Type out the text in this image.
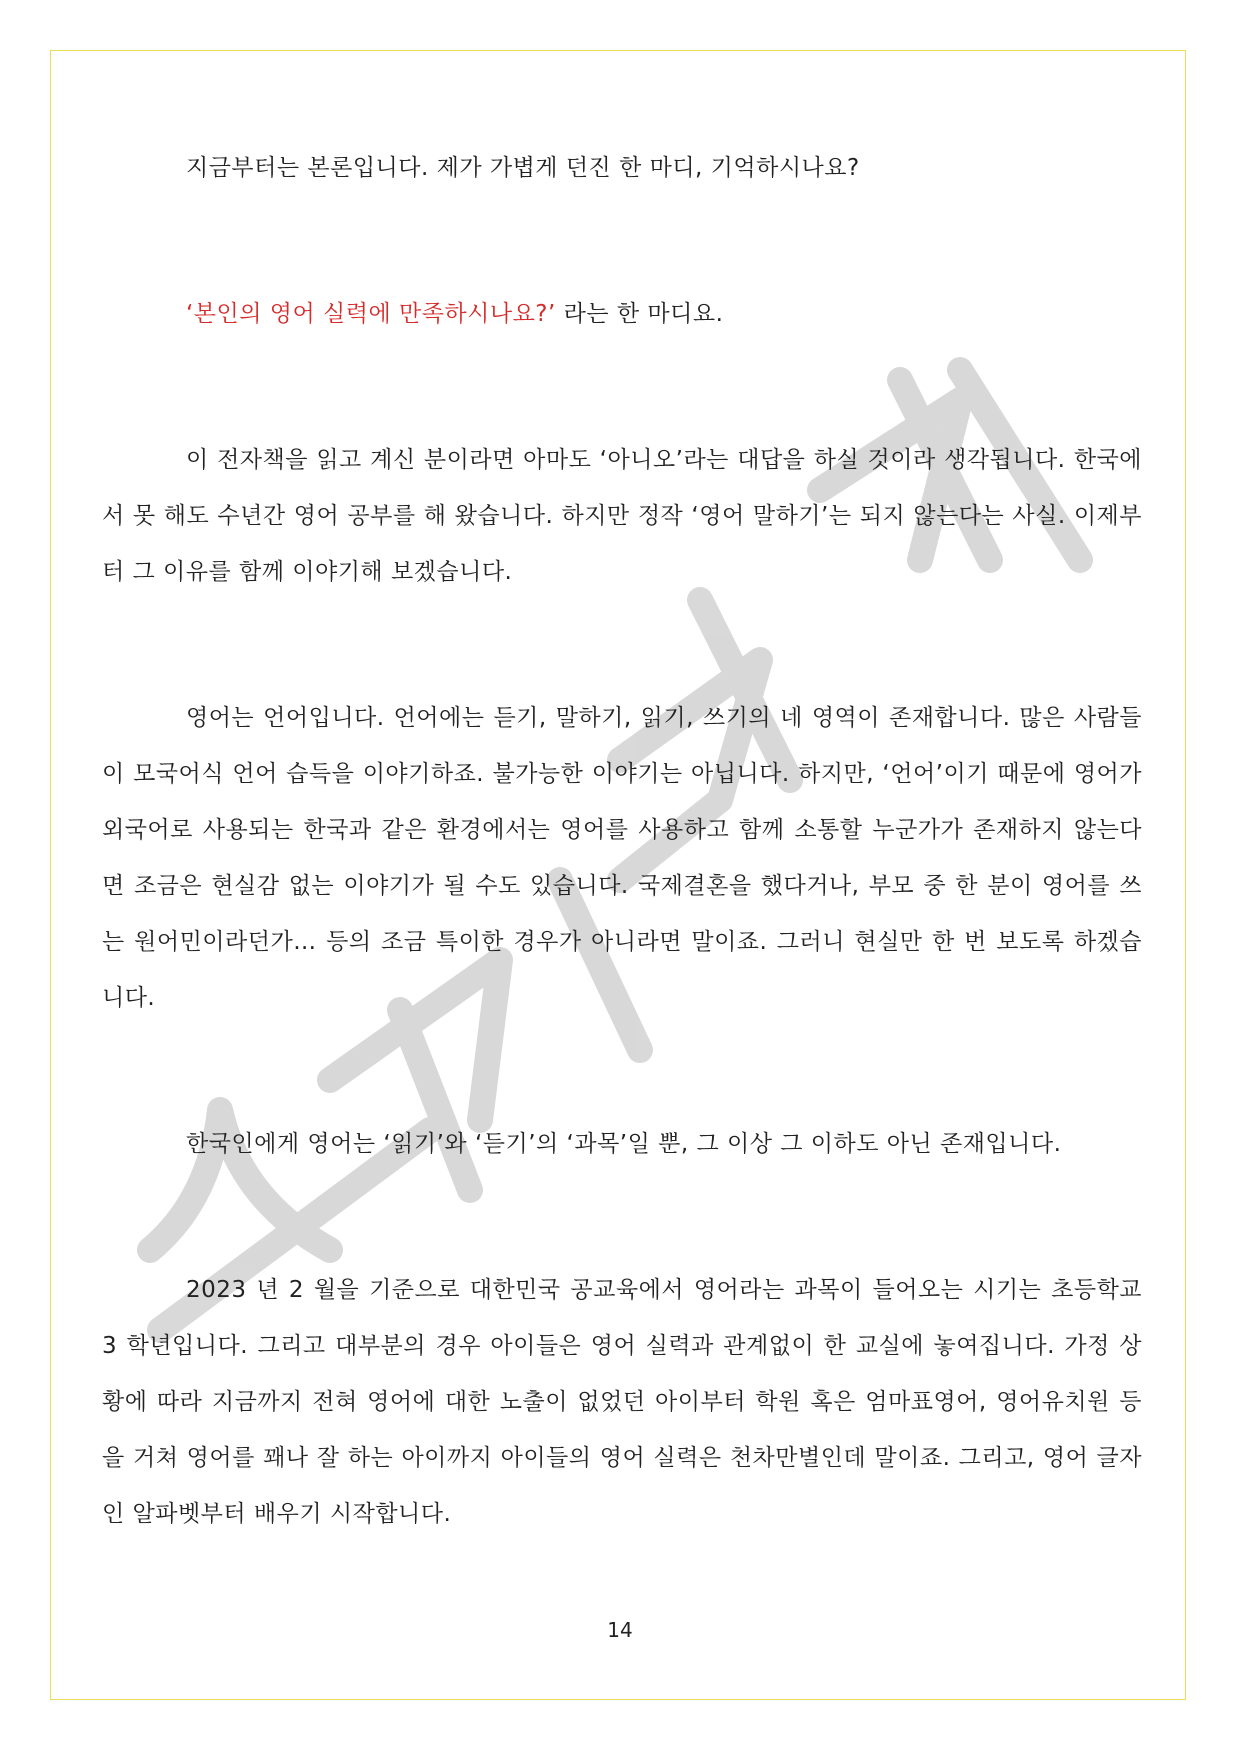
지금부터는 본론입니다. 제가 가볍게 던진 한 마디, 기억하시나요?

‘본인의 영어 실력에 만족하시나요?’ 라는 한 마디요.

이 전자책을 읽고 계신 분이라면 아마도 ‘아니오’라는 대답을 하실 것이라 생각됩니다. 한국에서 못 해도 수년간 영어 공부를 해 왔습니다. 하지만 정작 ‘영어 말하기’는 되지 않는다는 사실. 이제부터 그 이유를 함께 이야기해 보겠습니다.

영어는 언어입니다. 언어에는 듣기, 말하기, 읽기, 쓰기의 네 영역이 존재합니다. 많은 사람들이 모국어식 언어 습득을 이야기하죠. 불가능한 이야기는 아닙니다. 하지만, ‘언어’이기 때문에 영어가 외국어로 사용되는 한국과 같은 환경에서는 영어를 사용하고 함께 소통할 누군가가 존재하지 않는다면 조금은 현실감 없는 이야기가 될 수도 있습니다. 국제결혼을 했다거나, 부모 중 한 분이 영어를 쓰는 원어민이라던가… 등의 조금 특이한 경우가 아니라면 말이죠. 그러니 현실만 한 번 보도록 하겠습니다.

한국인에게 영어는 ‘읽기’와 ‘듣기’의 ‘과목’일 뿐, 그 이상 그 이하도 아닌 존재입니다.

2023 년 2 월을 기준으로 대한민국 공교육에서 영어라는 과목이 들어오는 시기는 초등학교 3 학년입니다. 그리고 대부분의 경우 아이들은 영어 실력과 관계없이 한 교실에 놓여집니다. 가정 상황에 따라 지금까지 전혀 영어에 대한 노출이 없었던 아이부터 학원 혹은 엄마표영어, 영어유치원 등을 거쳐 영어를 꽤나 잘 하는 아이까지 아이들의 영어 실력은 천차만별인데 말이죠. 그리고, 영어 글자인 알파벳부터 배우기 시작합니다.

14
